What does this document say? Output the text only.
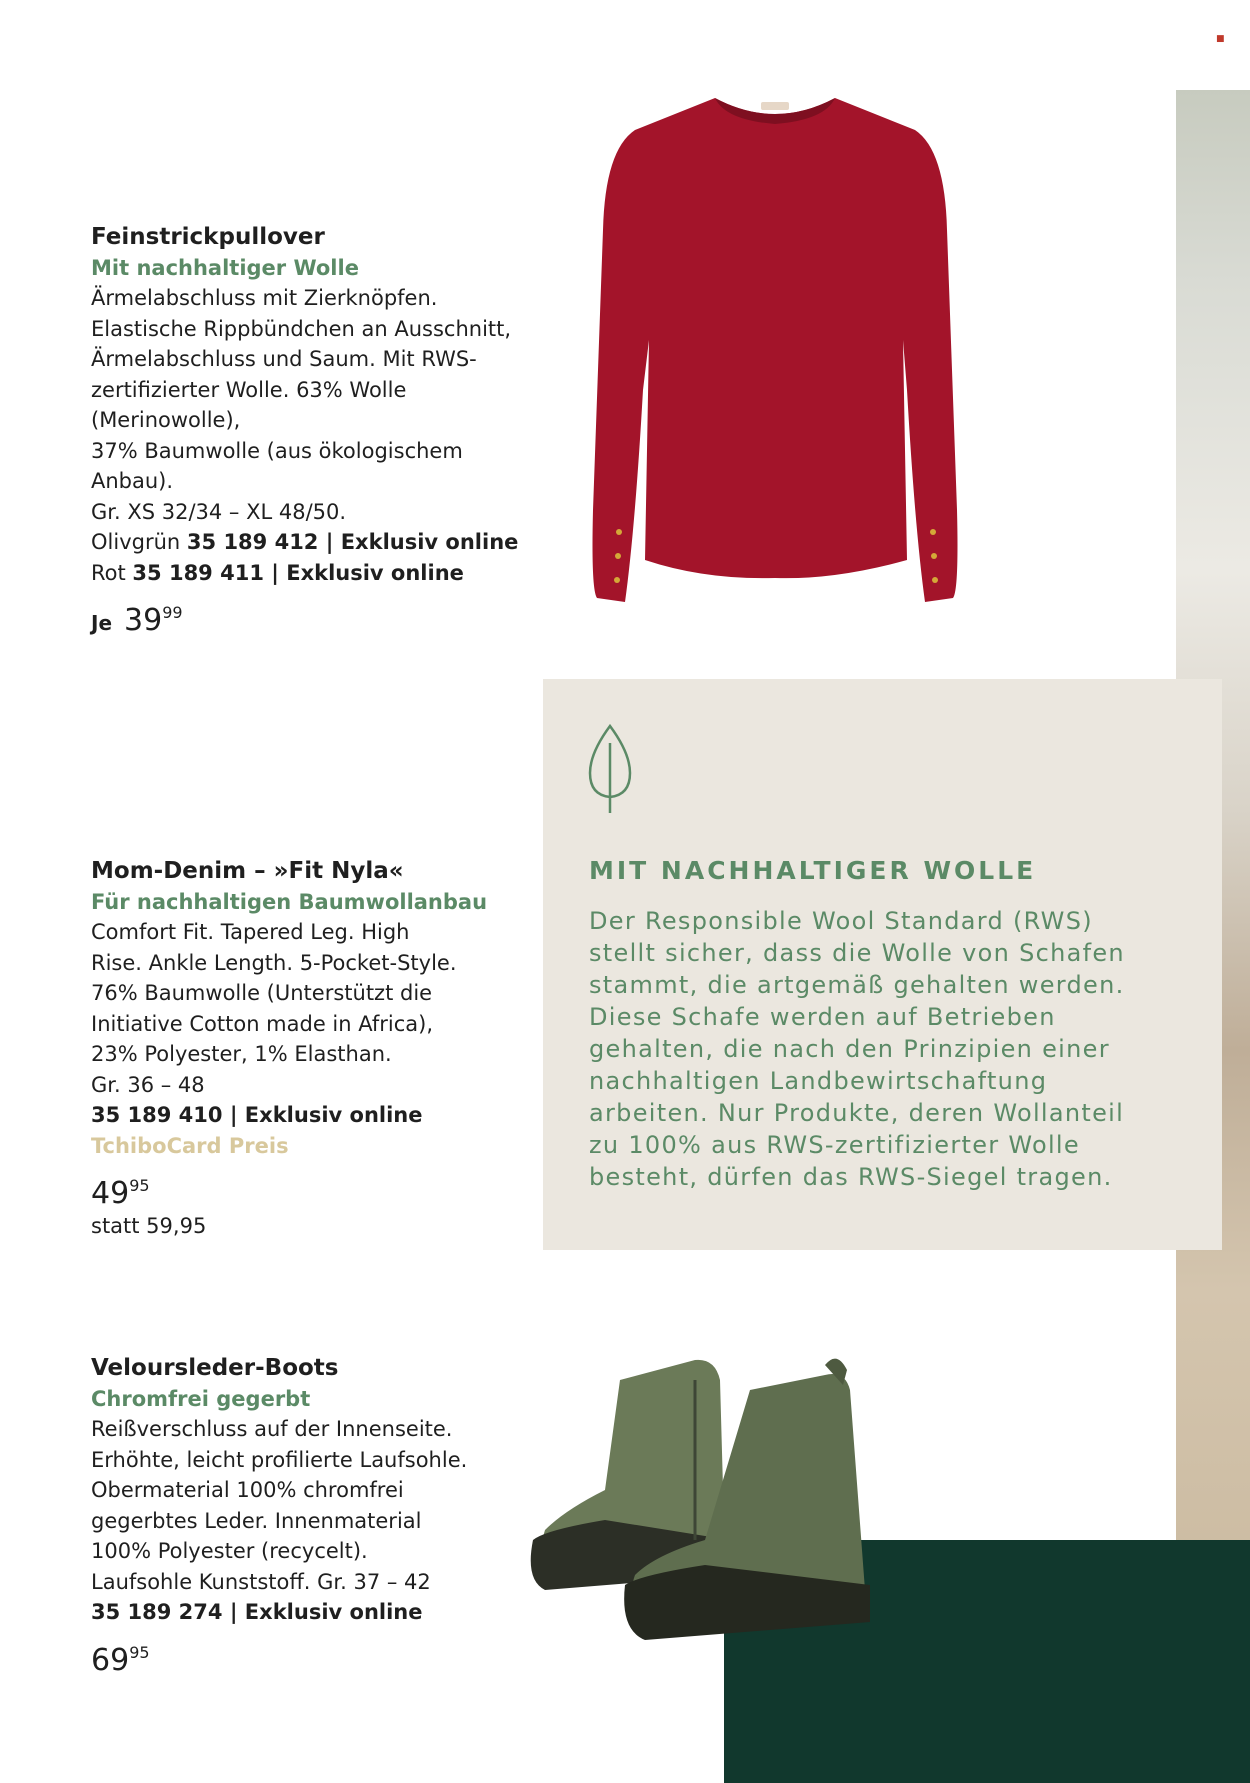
■
Feinstrickpullover
Mit nachhaltiger Wolle
Ärmelabschluss mit Zierknöpfen.
Elastische Rippbündchen an Ausschnitt,
Ärmelabschluss und Saum. Mit RWS-
zertifizierter Wolle. 63% Wolle (Merinowolle),
37% Baumwolle (aus ökologischem Anbau).
Gr. XS 32/34 – XL 48/50.
Olivgrün 35 189 412 | Exklusiv online
Rot 35 189 411 | Exklusiv online
Je $39^{99}$
MIT NACHHALTIGER WOLLE
Der Responsible Wool Standard (RWS)
stellt sicher, dass die Wolle von Schafen
stammt, die artgemäß gehalten werden.
Diese Schafe werden auf Betrieben
gehalten, die nach den Prinzipien einer
nachhaltigen Landbewirtschaftung
arbeiten. Nur Produkte, deren Wollanteil
zu 100% aus RWS-zertifizierter Wolle
besteht, dürfen das RWS-Siegel tragen.
Mom-Denim – »Fit Nyla«
Für nachhaltigen Baumwollanbau
Comfort Fit. Tapered Leg. High
Rise. Ankle Length. 5-Pocket-Style.
76% Baumwolle (Unterstützt die
Initiative Cotton made in Africa),
23% Polyester, 1% Elasthan.
Gr. 36 – 48
35 189 410 | Exklusiv online
TchiboCard Preis
$49^{95}$
statt 59,95
Veloursleder-Boots
Chromfrei gegerbt
Reißverschluss auf der Innenseite.
Erhöhte, leicht profilierte Laufsohle.
Obermaterial 100% chromfrei
gegerbtes Leder. Innenmaterial
100% Polyester (recycelt).
Laufsohle Kunststoff. Gr. 37 – 42
35 189 274 | Exklusiv online
$69^{95}$
